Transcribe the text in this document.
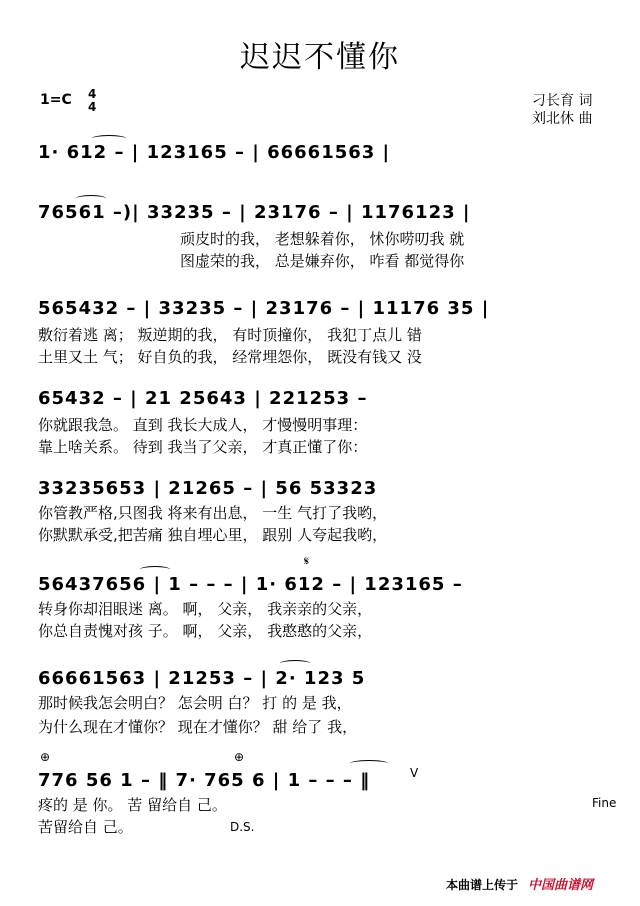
迟迟不懂你
1=C 4
4	刁长育 词
刘北休 曲
1· 612 – | 123165 – | 66661563 |
76561 –)| 33235 – | 23176 – | 1176123 |
顽皮时的我， 老想躲着你， 怵你唠叨我 就
图虚荣的我， 总是嫌弃你， 咋看 都觉得你
565432 – | 33235 – | 23176 – | 11176 35 |
敷衍着逃 离； 叛逆期的我， 有时顶撞你， 我犯丁点儿 错
土里又土 气； 好自负的我， 经常埋怨你， 既没有钱又 没
65432 – | 21 25643 | 221253 –
你就跟我急。 直到 我长大成人， 才慢慢明事理：
靠上啥关系。 待到 我当了父亲， 才真正懂了你：
33235653 | 21265 – | 56 53323
你管教严格,只图我 将来有出息， 一生 气打了我哟，
你默默承受,把苦痛 独自埋心里， 跟别 人夸起我哟，
𝄋
56437656 | 1 – – – | 1· 612 – | 123165 –
转身你却泪眼迷 离。 啊， 父亲， 我亲亲的父亲，
你总自责愧对孩 子。 啊， 父亲， 我憨憨的父亲，
66661563 | 21253 – | 2· 123 5
那时候我怎会明白？ 怎会明 白？ 打 的 是 我，
为什么现在才懂你？ 现在才懂你？ 甜 给了 我，
⊕	⊕
V
776 56 1 – ‖ 7· 765 6 | 1 – – – ‖
疼的 是 你。 苦 留给自 己。
苦留给自 己。
Fine
D.S.
本曲谱上传于 中国曲谱网
